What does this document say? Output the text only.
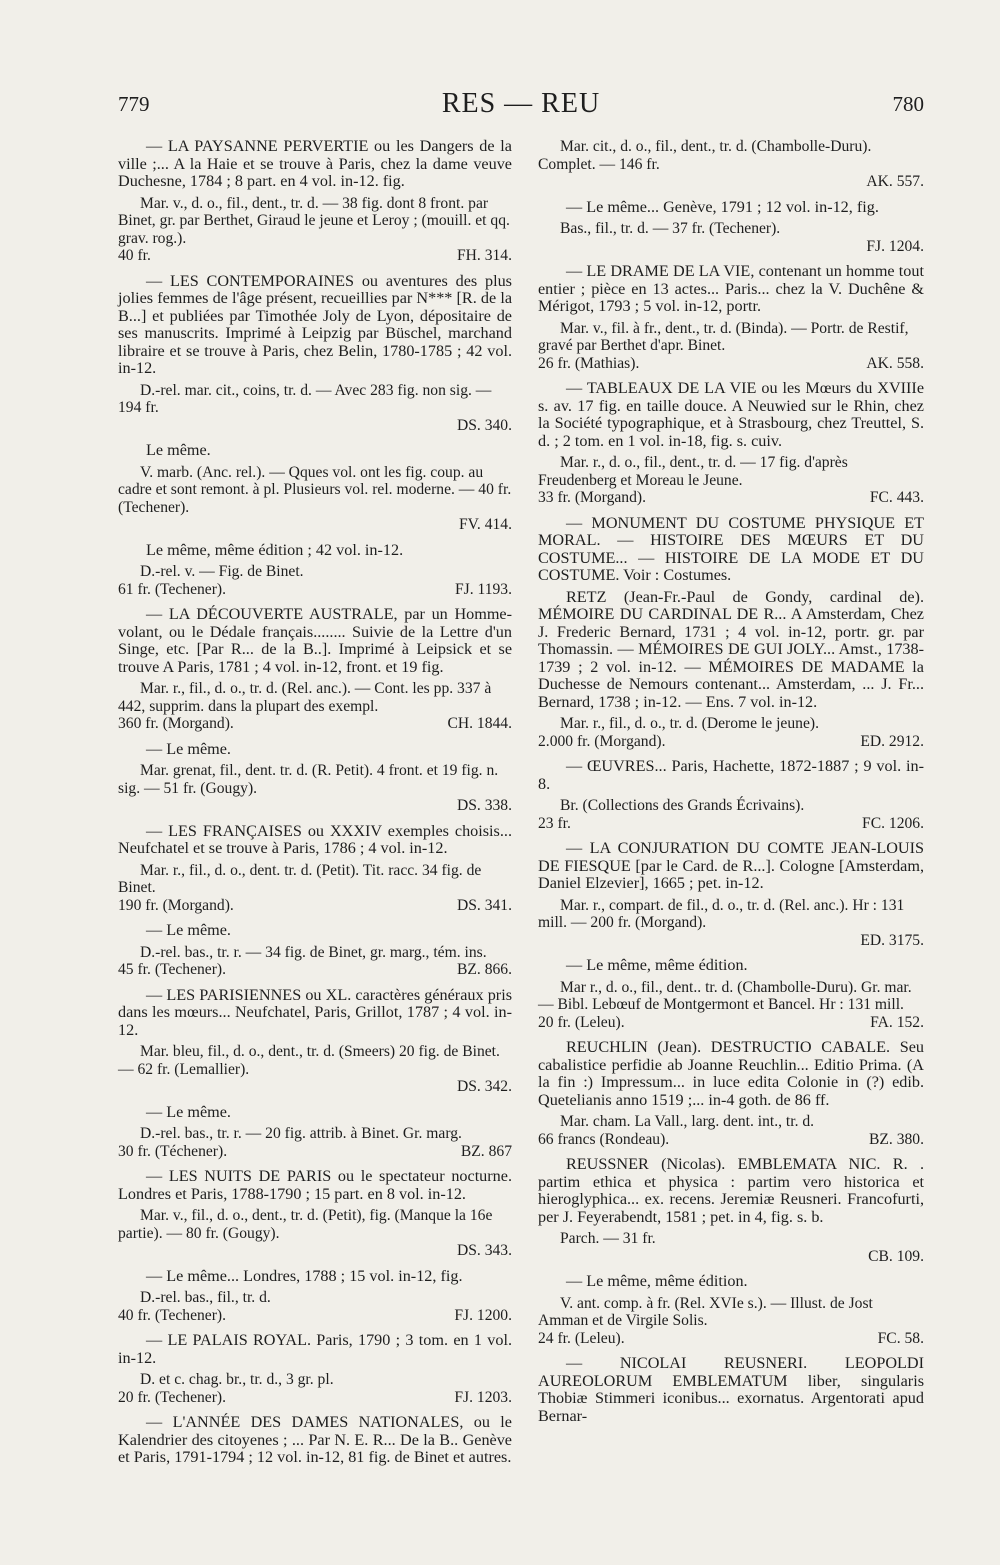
779	RES — REU	780

— LA PAYSANNE PERVERTIE ou les Dangers de la ville ;... A la Haie et se trouve à Paris, chez la dame veuve Duchesne, 1784 ; 8 part. en 4 vol. in-12. fig.

Mar. v., d. o., fil., dent., tr. d. — 38 fig. dont 8 front. par Binet, gr. par Berthet, Giraud le jeune et Leroy ; (mouill. et qq. grav. rog.).

40 fr.	FH. 314.

— LES CONTEMPORAINES ou aventures des plus jolies femmes de l'âge présent, recueillies par N*** [R. de la B...] et publiées par Timothée Joly de Lyon, dépositaire de ses manuscrits. Imprimé à Leipzig par Büschel, marchand libraire et se trouve à Paris, chez Belin, 1780-1785 ; 42 vol. in-12.

D.-rel. mar. cit., coins, tr. d. — Avec 283 fig. non sig. — 194 fr.

DS. 340.

Le même.

V. marb. (Anc. rel.). — Qques vol. ont les fig. coup. au cadre et sont remont. à pl. Plusieurs vol. rel. moderne. — 40 fr. (Techener).

FV. 414.

Le même, même édition ; 42 vol. in-12.

D.-rel. v. — Fig. de Binet.

61 fr. (Techener).	FJ. 1193.

— LA DÉCOUVERTE AUSTRALE, par un Homme-volant, ou le Dédale français........ Suivie de la Lettre d'un Singe, etc. [Par R... de la B..]. Imprimé à Leipsick et se trouve A Paris, 1781 ; 4 vol. in-12, front. et 19 fig.

Mar. r., fil., d. o., tr. d. (Rel. anc.). — Cont. les pp. 337 à 442, supprim. dans la plupart des exempl.

360 fr. (Morgand).	CH. 1844.

— Le même.

Mar. grenat, fil., dent. tr. d. (R. Petit). 4 front. et 19 fig. n. sig. — 51 fr. (Gougy).

DS. 338.

— LES FRANÇAISES ou XXXIV exemples choisis... Neufchatel et se trouve à Paris, 1786 ; 4 vol. in-12.

Mar. r., fil., d. o., dent. tr. d. (Petit). Tit. racc. 34 fig. de Binet.

190 fr. (Morgand).	DS. 341.

— Le même.

D.-rel. bas., tr. r. — 34 fig. de Binet, gr. marg., tém. ins.

45 fr. (Techener).	BZ. 866.

— LES PARISIENNES ou XL. caractères généraux pris dans les mœurs... Neufchatel, Paris, Grillot, 1787 ; 4 vol. in-12.

Mar. bleu, fil., d. o., dent., tr. d. (Smeers) 20 fig. de Binet. — 62 fr. (Lemallier).

DS. 342.

— Le même.

D.-rel. bas., tr. r. — 20 fig. attrib. à Binet. Gr. marg.

30 fr. (Téchener).	BZ. 867

— LES NUITS DE PARIS ou le spectateur nocturne. Londres et Paris, 1788-1790 ; 15 part. en 8 vol. in-12.

Mar. v., fil., d. o., dent., tr. d. (Petit), fig. (Manque la 16e partie). — 80 fr. (Gougy).

DS. 343.

— Le même... Londres, 1788 ; 15 vol. in-12, fig.

D.-rel. bas., fil., tr. d.

40 fr. (Techener).	FJ. 1200.

— LE PALAIS ROYAL. Paris, 1790 ; 3 tom. en 1 vol. in-12.

D. et c. chag. br., tr. d., 3 gr. pl.

20 fr. (Techener).	FJ. 1203.

— L'ANNÉE DES DAMES NATIONALES, ou le Kalendrier des citoyenes ; ... Par N. E. R... De la B.. Genève et Paris, 1791-1794 ; 12 vol. in-12, 81 fig. de Binet et autres.

Mar. cit., d. o., fil., dent., tr. d. (Chambolle-Duru). Complet. — 146 fr.

AK. 557.

— Le même... Genève, 1791 ; 12 vol. in-12, fig.

Bas., fil., tr. d. — 37 fr. (Techener).

FJ. 1204.

— LE DRAME DE LA VIE, contenant un homme tout entier ; pièce en 13 actes... Paris... chez la V. Duchêne & Mérigot, 1793 ; 5 vol. in-12, portr.

Mar. v., fil. à fr., dent., tr. d. (Binda). — Portr. de Restif, gravé par Berthet d'apr. Binet.

26 fr. (Mathias).	AK. 558.

— TABLEAUX DE LA VIE ou les Mœurs du XVIIIe s. av. 17 fig. en taille douce. A Neuwied sur le Rhin, chez la Société typographique, et à Strasbourg, chez Treuttel, S. d. ; 2 tom. en 1 vol. in-18, fig. s. cuiv.

Mar. r., d. o., fil., dent., tr. d. — 17 fig. d'après Freudenberg et Moreau le Jeune.

33 fr. (Morgand).	FC. 443.

— MONUMENT DU COSTUME PHYSIQUE ET MORAL. — HISTOIRE DES MŒURS ET DU COSTUME... — HISTOIRE DE LA MODE ET DU COSTUME. Voir : Costumes.

RETZ (Jean-Fr.-Paul de Gondy, cardinal de). MÉMOIRE DU CARDINAL DE R... A Amsterdam, Chez J. Frederic Bernard, 1731 ; 4 vol. in-12, portr. gr. par Thomassin. — MÉMOIRES DE GUI JOLY... Amst., 1738-1739 ; 2 vol. in-12. — MÉMOIRES DE MADAME la Duchesse de Nemours contenant... Amsterdam, ... J. Fr... Bernard, 1738 ; in-12. — Ens. 7 vol. in-12.

Mar. r., fil., d. o., tr. d. (Derome le jeune).

2.000 fr. (Morgand).	ED. 2912.

— ŒUVRES... Paris, Hachette, 1872-1887 ; 9 vol. in-8.

Br. (Collections des Grands Écrivains).

23 fr.	FC. 1206.

— LA CONJURATION DU COMTE JEAN-LOUIS DE FIESQUE [par le Card. de R...]. Cologne [Amsterdam, Daniel Elzevier], 1665 ; pet. in-12.

Mar. r., compart. de fil., d. o., tr. d. (Rel. anc.). Hr : 131 mill. — 200 fr. (Morgand).

ED. 3175.

— Le même, même édition.

Mar r., d. o., fil., dent.. tr. d. (Chambolle-Duru). Gr. mar. — Bibl. Lebœuf de Montgermont et Bancel. Hr : 131 mill.

20 fr. (Leleu).	FA. 152.

REUCHLIN (Jean). DESTRUCTIO CABALE. Seu cabalistice perfidie ab Joanne Reuchlin... Editio Prima. (A la fin :) Impressum... in luce edita Colonie in (?) edib. Quetelianis anno 1519 ;... in-4 goth. de 86 ff.

Mar. cham. La Vall., larg. dent. int., tr. d.

66 francs (Rondeau).	BZ. 380.

REUSSNER (Nicolas). EMBLEMATA NIC. R. . partim ethica et physica : partim vero historica et hieroglyphica... ex. recens. Jeremiæ Reusneri. Francofurti, per J. Feyerabendt, 1581 ; pet. in 4, fig. s. b.

Parch. — 31 fr.

CB. 109.

— Le même, même édition.

V. ant. comp. à fr. (Rel. XVIe s.). — Illust. de Jost Amman et de Virgile Solis.

24 fr. (Leleu).	FC. 58.

— NICOLAI REUSNERI. LEOPOLDI AUREOLORUM EMBLEMATUM liber, singularis Thobiæ Stimmeri iconibus... exornatus. Argentorati apud Bernar-
